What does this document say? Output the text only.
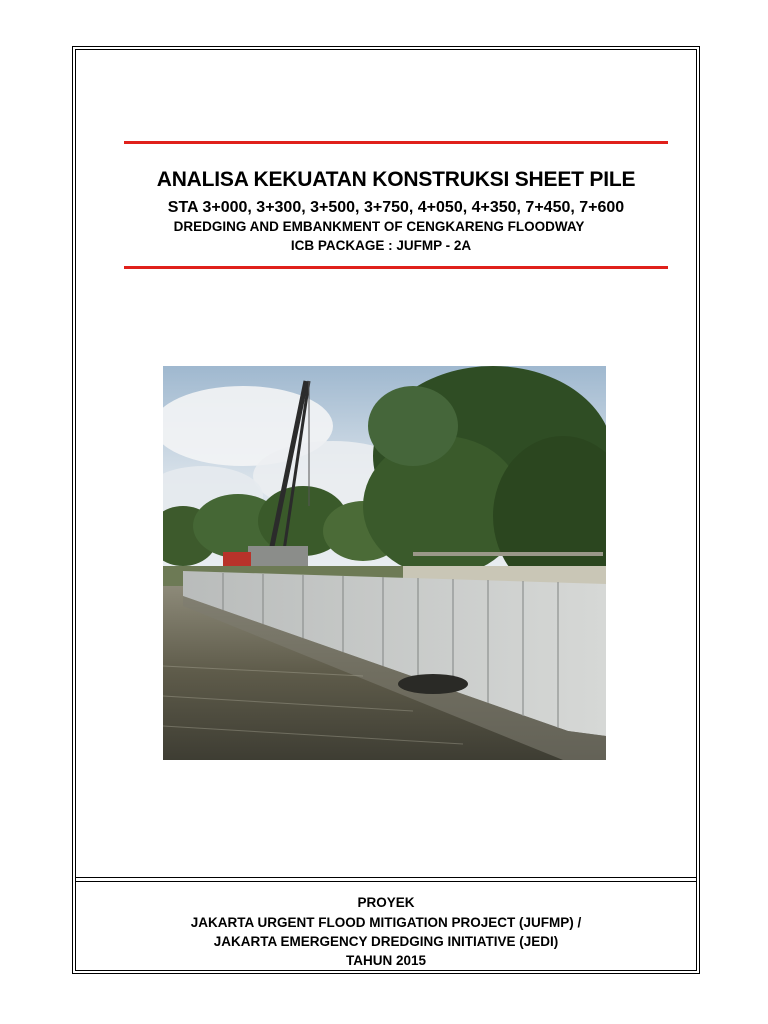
ANALISA KEKUATAN KONSTRUKSI SHEET PILE
STA 3+000, 3+300, 3+500, 3+750, 4+050, 4+350, 7+450, 7+600
DREDGING AND EMBANKMENT OF CENGKARENG FLOODWAY
ICB PACKAGE : JUFMP - 2A
PROYEK
JAKARTA URGENT FLOOD MITIGATION PROJECT (JUFMP) /
JAKARTA EMERGENCY DREDGING INITIATIVE (JEDI)
TAHUN 2015
